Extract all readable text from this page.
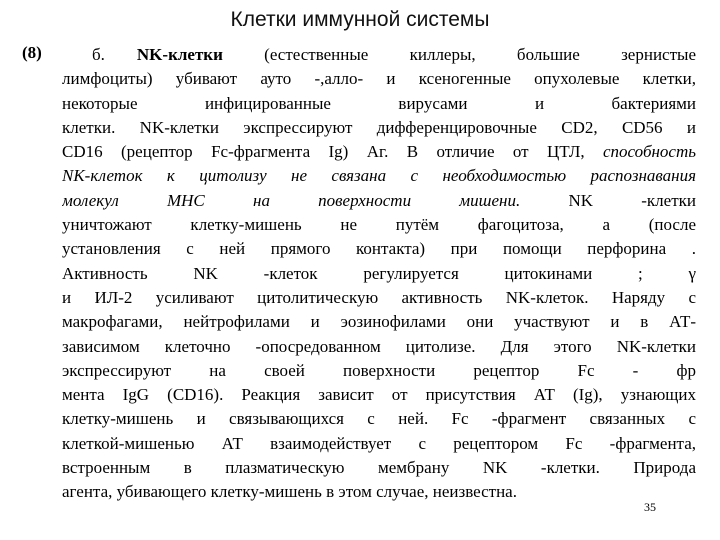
Клетки иммунной системы
(8)	б. NK-клетки (естественные киллеры, большие зернистые
лимфоциты) убивают ауто -,алло- и ксеногенные опухолевые клетки,
некоторые инфицированные вирусами и бактериями
клетки. NK-клетки экспрессируют дифференцировочные CD2, CD56 и
CD16 (рецептор Fc-фрагмента Ig) Аг. В отличие от ЦТЛ, способность
NK-клеток к цитолизу не связана с необходимостью распознавания
молекул МНС на поверхности мишени. NK -клетки
уничтожают клетку-мишень не путём фагоцитоза, а (после
установления с ней прямого контакта) при помощи перфорина .
Активность NK -клеток регулируется цитокинами ; γ
и ИЛ-2 усиливают цитолитическую активность NK-клеток. Наряду с
макрофагами, нейтрофилами и эозинофилами они участвуют и в АТ-
зависимом клеточно -опосредованном цитолизе. Для этого NK-клетки
экспрессируют на своей поверхности рецептор Fc - фр
мента IgG (CD16). Реакция зависит от присутствия АТ (Ig), узнающих
клетку-мишень и связывающихся с ней. Fc -фрагмент связанных с
клеткой-мишенью АТ взаимодействует с рецептором Fc -фрагмента,
встроенным в плазматическую мембрану NK -клетки. Природа
агента, убивающего клетку-мишень в этом случае, неизвестна.
35
